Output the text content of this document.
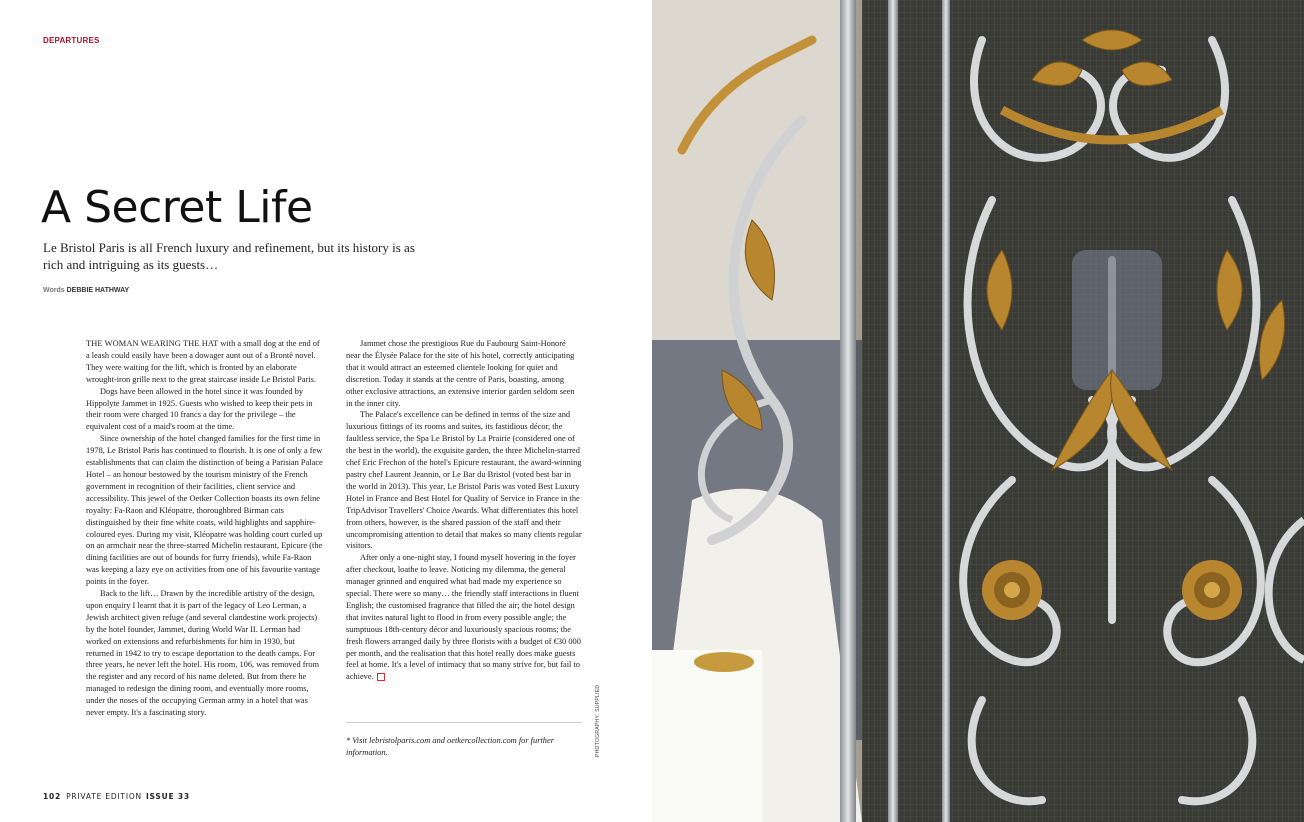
DEPARTURES
A Secret Life

Le Bristol Paris is all French luxury and refinement, but its history is as rich and intriguing as its guests…

Words DEBBIE HATHWAY

THE WOMAN WEARING THE HAT with a small dog at the end of a leash could easily have been a dowager aunt out of a Brontë novel. They were waiting for the lift, which is fronted by an elaborate wrought-iron grille next to the great staircase inside Le Bristol Paris.

Dogs have been allowed in the hotel since it was founded by Hippolyte Jammet in 1925. Guests who wished to keep their pets in their room were charged 10 francs a day for the privilege – the equivalent cost of a maid's room at the time.

Since ownership of the hotel changed families for the first time in 1978, Le Bristol Paris has continued to flourish. It is one of only a few establishments that can claim the distinction of being a Parisian Palace Hotel – an honour bestowed by the tourism ministry of the French government in recognition of their facilities, client service and accessibility. This jewel of the Oetker Collection boasts its own feline royalty: Fa-Raon and Kléopatre, thoroughbred Birman cats distinguished by their fine white coats, wild highlights and sapphire-coloured eyes. During my visit, Kléopatre was holding court curled up on an armchair near the three-starred Michelin restaurant, Epicure (the dining facilities are out of bounds for furry friends), while Fa-Raon was keeping a lazy eye on activities from one of his favourite vantage points in the foyer.

Back to the lift… Drawn by the incredible artistry of the design, upon enquiry I learnt that it is part of the legacy of Leo Lerman, a Jewish architect given refuge (and several clandestine work projects) by the hotel founder, Jammet, during World War II. Lerman had worked on extensions and refurbishments for him in 1930, but returned in 1942 to try to escape deportation to the death camps. For three years, he never left the hotel. His room, 106, was removed from the register and any record of his name deleted. But from there he managed to redesign the dining room, and eventually more rooms, under the noses of the occupying German army in a hotel that was never empty. It's a fascinating story.

Jammet chose the prestigious Rue du Faubourg Saint-Honoré near the Élysée Palace for the site of his hotel, correctly anticipating that it would attract an esteemed clientele looking for quiet and discretion. Today it stands at the centre of Paris, boasting, among other exclusive attractions, an extensive interior garden seldom seen in the inner city.

The Palace's excellence can be defined in terms of the size and luxurious fittings of its rooms and suites, its fastidious décor, the faultless service, the Spa Le Bristol by La Prairie (considered one of the best in the world), the exquisite garden, the three Michelin-starred chef Eric Frechon of the hotel's Epicure restaurant, the award-winning pastry chef Laurent Jeannin, or Le Bar du Bristol (voted best bar in the world in 2013). This year, Le Bristol Paris was voted Best Luxury Hotel in France and Best Hotel for Quality of Service in France in the TripAdvisor Travellers' Choice Awards. What differentiates this hotel from others, however, is the shared passion of the staff and their uncompromising attention to detail that makes so many clients regular visitors.

After only a one-night stay, I found myself hovering in the foyer after checkout, loathe to leave. Noticing my dilemma, the general manager grinned and enquired what had made my experience so special. There were so many… the friendly staff interactions in fluent English; the customised fragrance that filled the air; the hotel design that invites natural light to flood in from every possible angle; the sumptuous 18th-century décor and luxuriously spacious rooms; the fresh flowers arranged daily by three florists with a budget of €30 000 per month, and the realisation that this hotel really does make guests feel at home. It's a level of intimacy that so many strive for, but fail to achieve.

* Visit lebristolparis.com and oetkercollection.com for further information.	PHOTOGRAPHY: SUPPLIED
102 PRIVATE EDITION ISSUE 33
